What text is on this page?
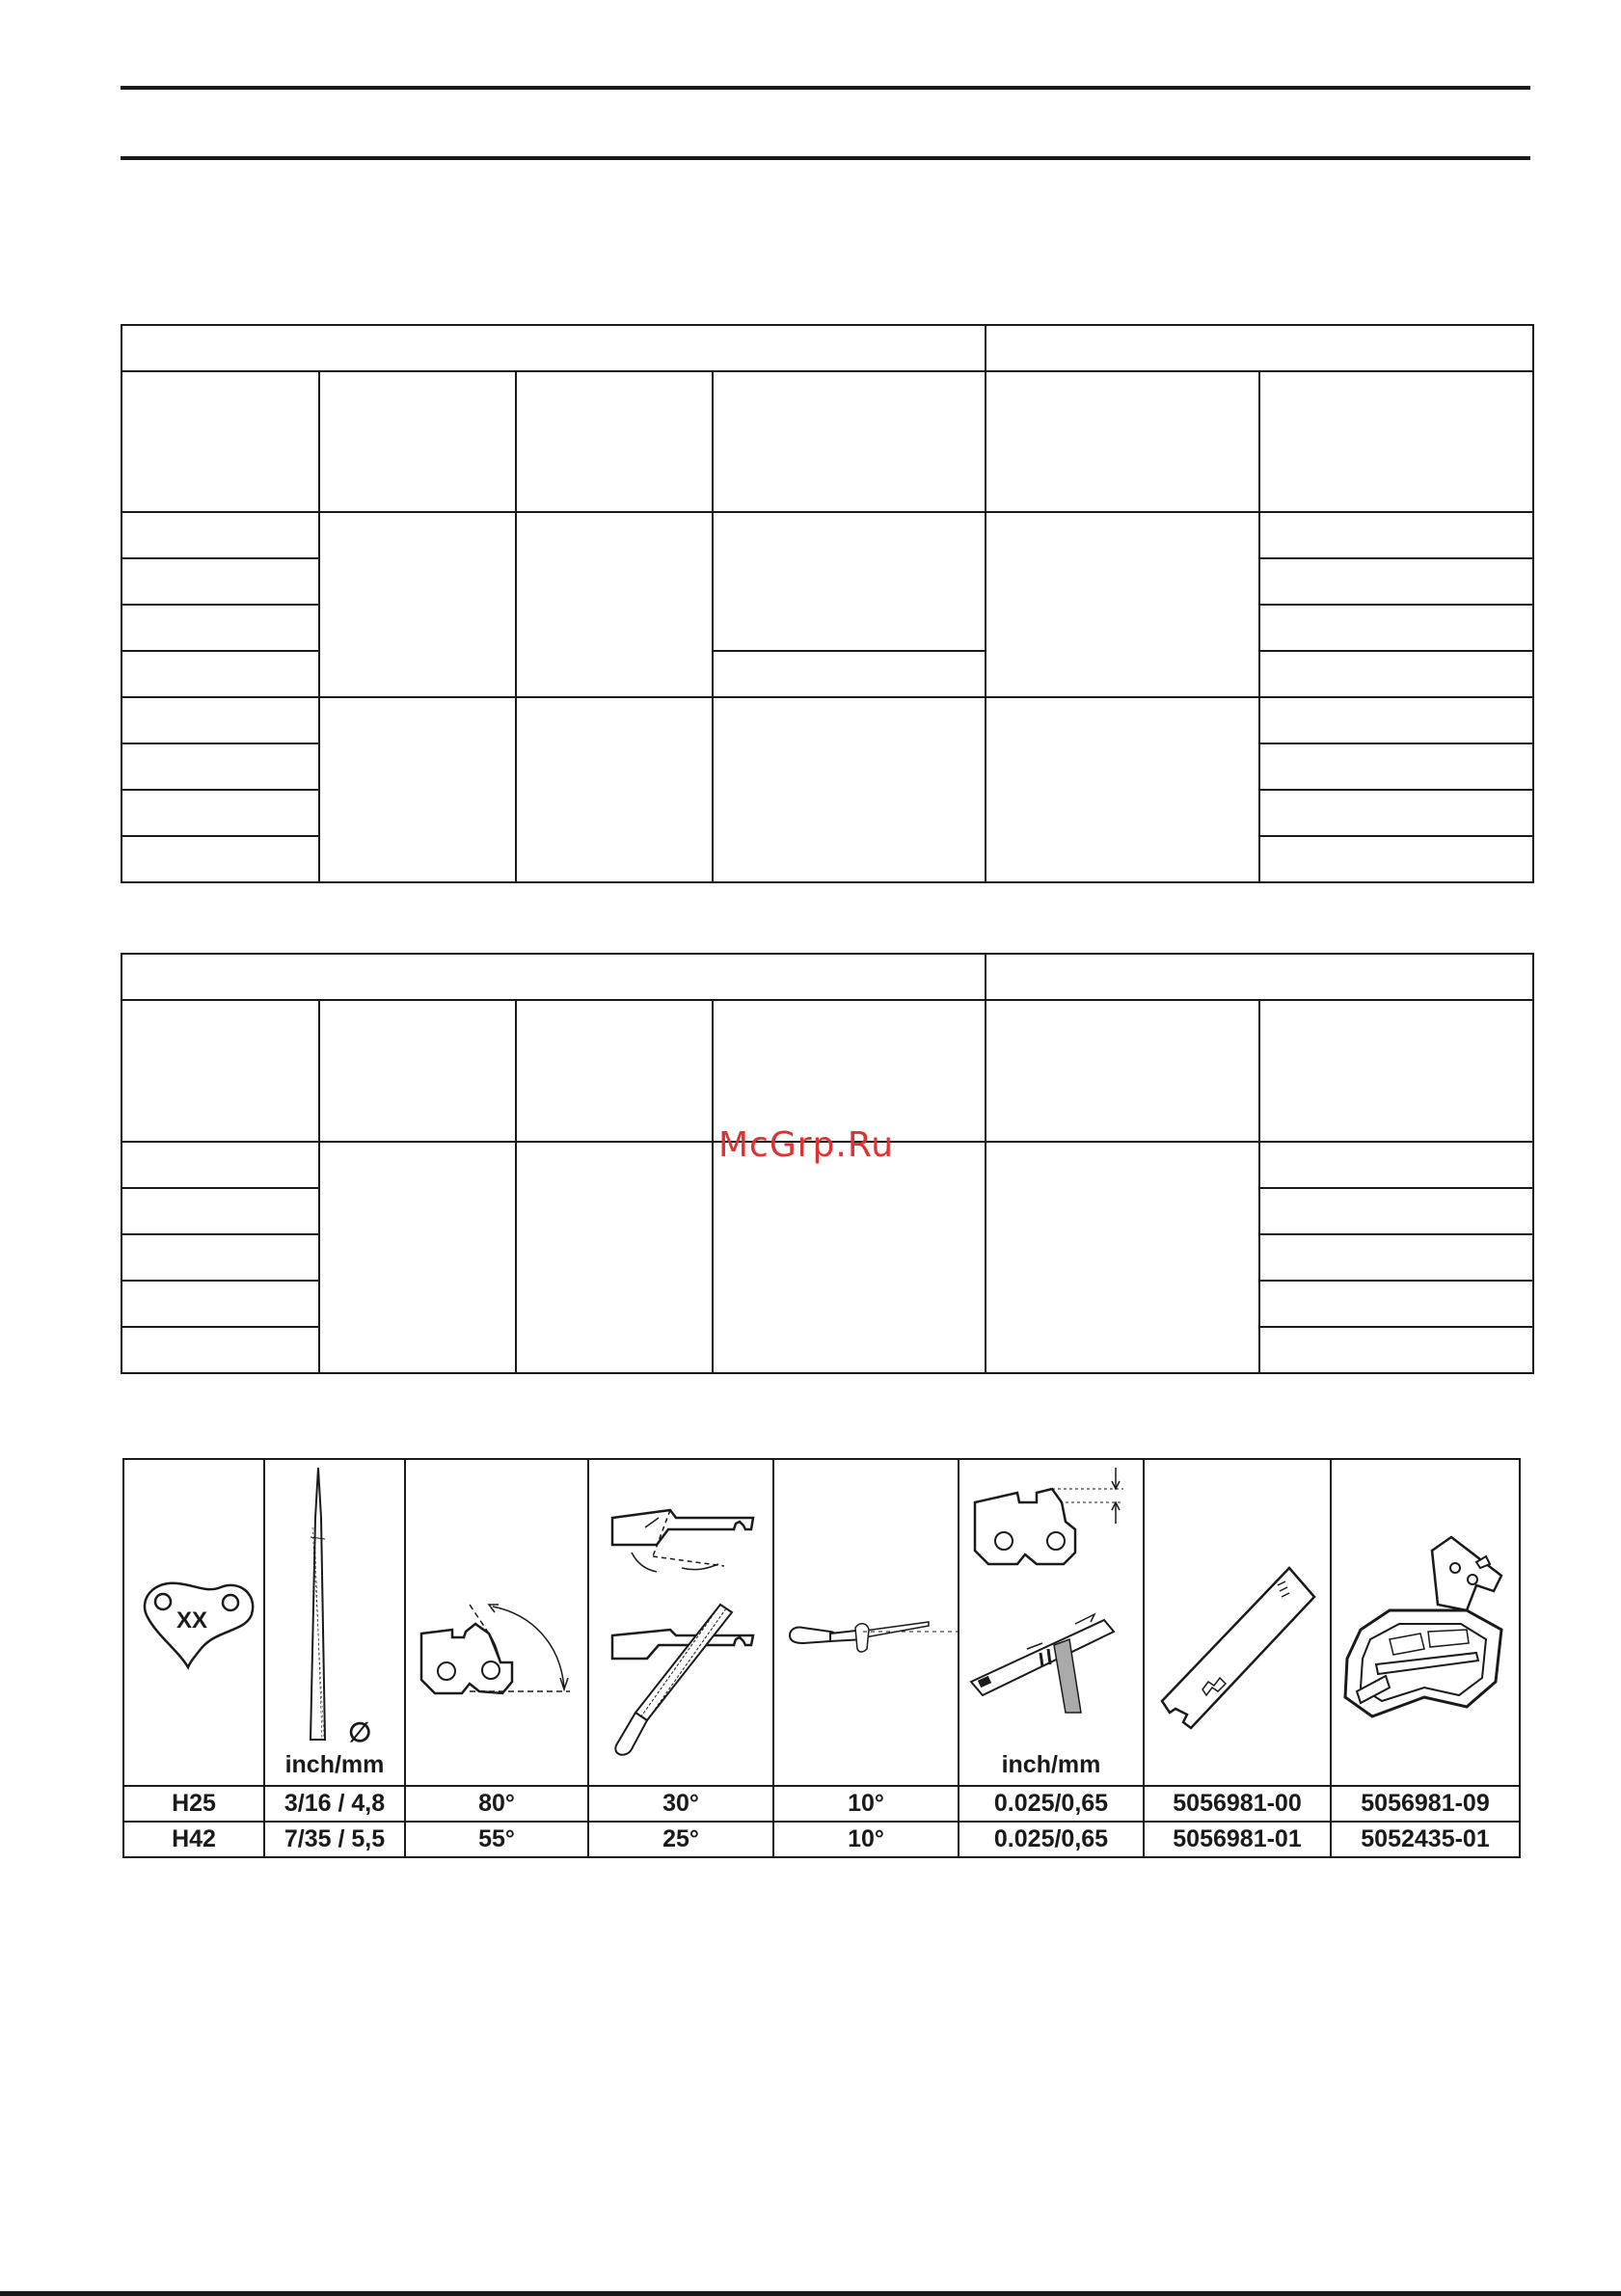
McGrp.Ru
XX	∅
inch/mm				inch/mm

H25	3/16 / 4,8	80°	30°	10°	0.025/0,65	5056981-00	5056981-09
H42	7/35 / 5,5	55°	25°	10°	0.025/0,65	5056981-01	5052435-01
